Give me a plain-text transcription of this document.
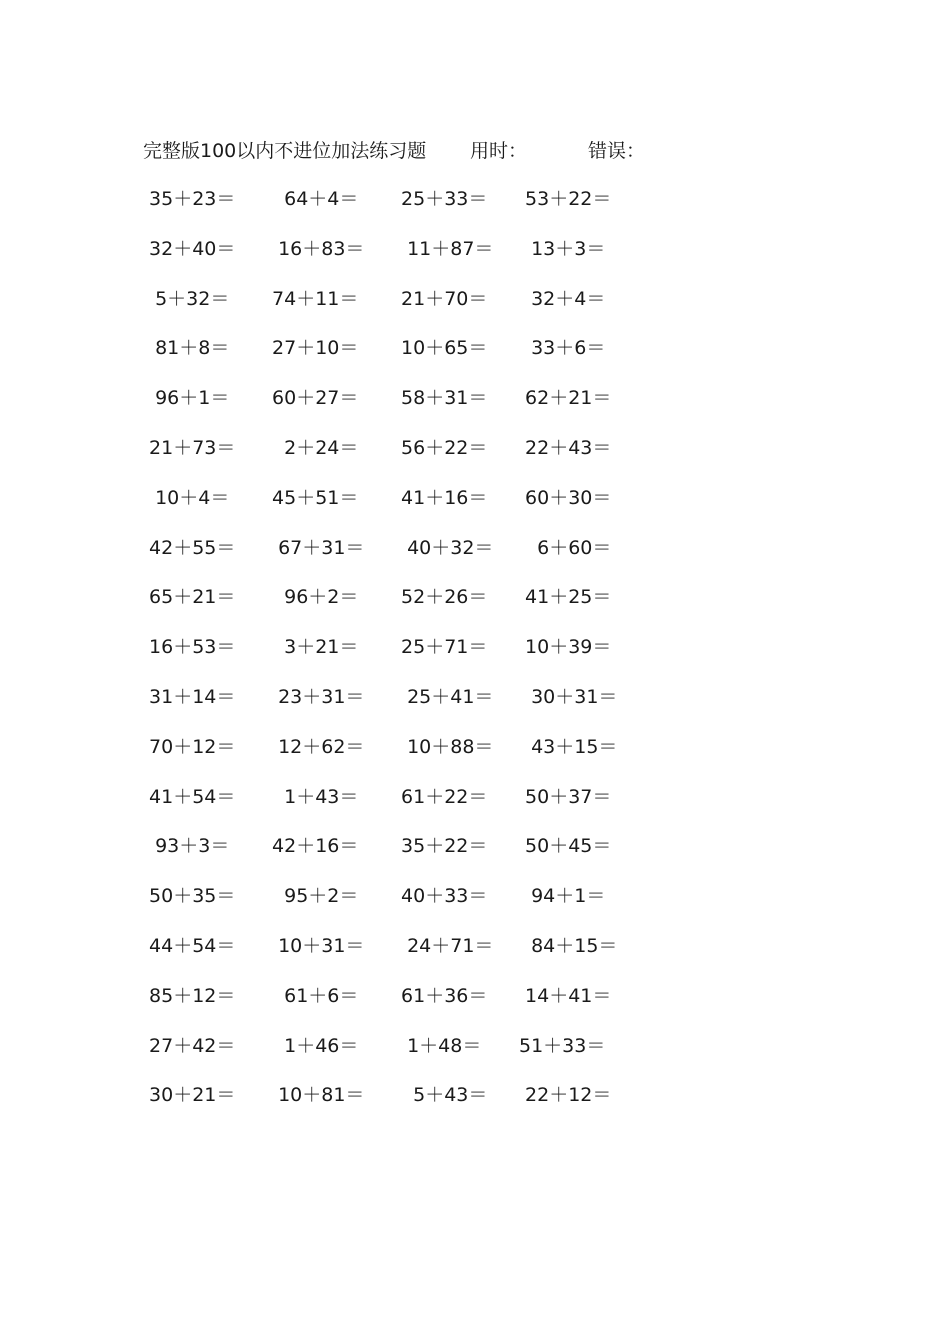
完整版100以内不进位加法练习题 用时：	错误：
35＋23＝ 64＋4＝ 25＋33＝ 53＋22＝
32＋40＝ 16＋83＝ 11＋87＝ 13＋3＝
5＋32＝ 74＋11＝ 21＋70＝ 32＋4＝
81＋8＝ 27＋10＝ 10＋65＝ 33＋6＝
96＋1＝ 60＋27＝ 58＋31＝ 62＋21＝
21＋73＝ 2＋24＝ 56＋22＝ 22＋43＝
10＋4＝ 45＋51＝ 41＋16＝ 60＋30＝
42＋55＝ 67＋31＝ 40＋32＝ 6＋60＝
65＋21＝ 96＋2＝ 52＋26＝ 41＋25＝
16＋53＝ 3＋21＝ 25＋71＝ 10＋39＝
31＋14＝ 23＋31＝ 25＋41＝ 30＋31＝
70＋12＝ 12＋62＝ 10＋88＝ 43＋15＝
41＋54＝ 1＋43＝ 61＋22＝ 50＋37＝
93＋3＝ 42＋16＝ 35＋22＝ 50＋45＝
50＋35＝ 95＋2＝ 40＋33＝ 94＋1＝
44＋54＝ 10＋31＝ 24＋71＝ 84＋15＝
85＋12＝ 61＋6＝ 61＋36＝ 14＋41＝
27＋42＝ 1＋46＝ 1＋48＝ 51＋33＝
30＋21＝ 10＋81＝ 5＋43＝ 22＋12＝
